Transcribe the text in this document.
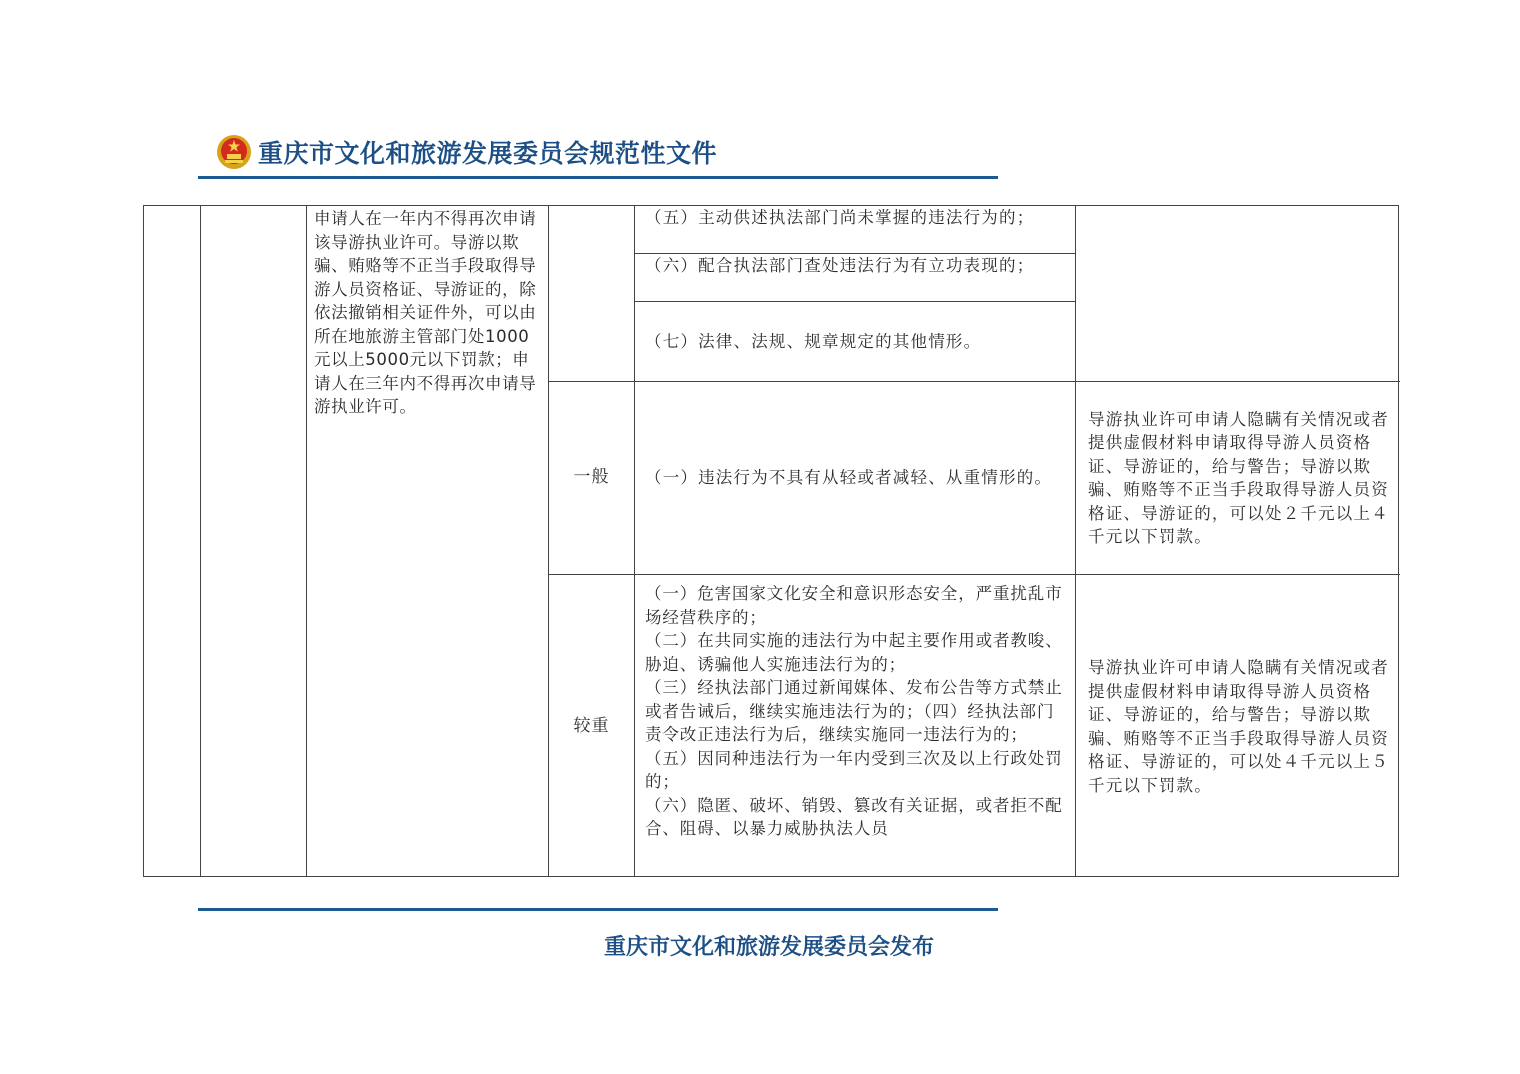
重庆市文化和旅游发展委员会规范性文件
申请人在一年内不得再次申请该导游执业许可。导游以欺骗、贿赂等不正当手段取得导游人员资格证、导游证的，除依法撤销相关证件外，可以由所在地旅游主管部门处1000元以上5000元以下罚款；申请人在三年内不得再次申请导游执业许可。
（五）主动供述执法部门尚未掌握的违法行为的；
（六）配合执法部门查处违法行为有立功表现的；
（七）法律、法规、规章规定的其他情形。
一般	（一）违法行为不具有从轻或者减轻、从重情形的。
导游执业许可申请人隐瞒有关情况或者提供虚假材料申请取得导游人员资格证、导游证的，给与警告；导游以欺骗、贿赂等不正当手段取得导游人员资格证、导游证的，可以处２千元以上４千元以下罚款。
较重
（一）危害国家文化安全和意识形态安全，严重扰乱市场经营秩序的；
（二）在共同实施的违法行为中起主要作用或者教唆、胁迫、诱骗他人实施违法行为的；
（三）经执法部门通过新闻媒体、发布公告等方式禁止或者告诫后，继续实施违法行为的；（四）经执法部门责令改正违法行为后，继续实施同一违法行为的；
（五）因同种违法行为一年内受到三次及以上行政处罚的；
（六）隐匿、破坏、销毁、篡改有关证据，或者拒不配合、阻碍、以暴力威胁执法人员
导游执业许可申请人隐瞒有关情况或者提供虚假材料申请取得导游人员资格证、导游证的，给与警告；导游以欺骗、贿赂等不正当手段取得导游人员资格证、导游证的，可以处４千元以上５千元以下罚款。
重庆市文化和旅游发展委员会发布
